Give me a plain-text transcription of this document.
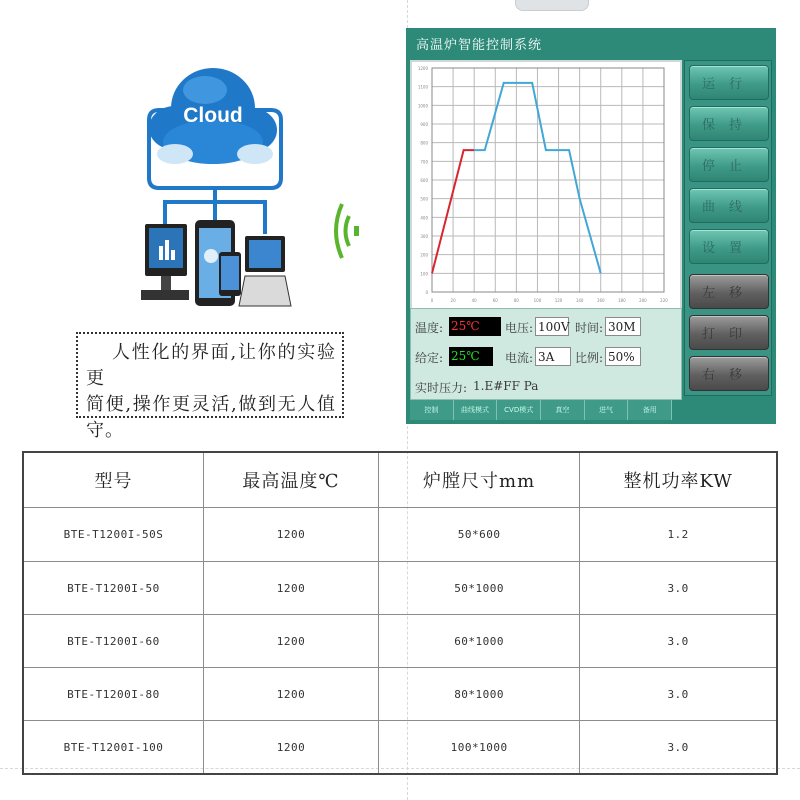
Cloud
人性化的界面,让你的实验更
简便,操作更灵活,做到无人值守。
高温炉智能控制系统
0
100
200
300
400
500
600
700
800
900
1000
1100
1200
0	20	40	60	80	100	120	140	160	180	200	220
运行
保持
停止
曲线
设置
左移
打印
右移
温度: 25℃	电压: 100V 时间: 30M
给定: 25℃	电流: 3A	比例: 50%
实时压力: 1.E#FF Pa
控制	曲线模式	CVD模式	真空	进气	备用
型号	最高温度℃	炉膛尺寸mm	整机功率KW
BTE-T1200I-50S	1200	50*600	1.2
BTE-T1200I-50	1200	50*1000	3.0
BTE-T1200I-60	1200	60*1000	3.0
BTE-T1200I-80	1200	80*1000	3.0
BTE-T1200I-100	1200	100*1000	3.0
